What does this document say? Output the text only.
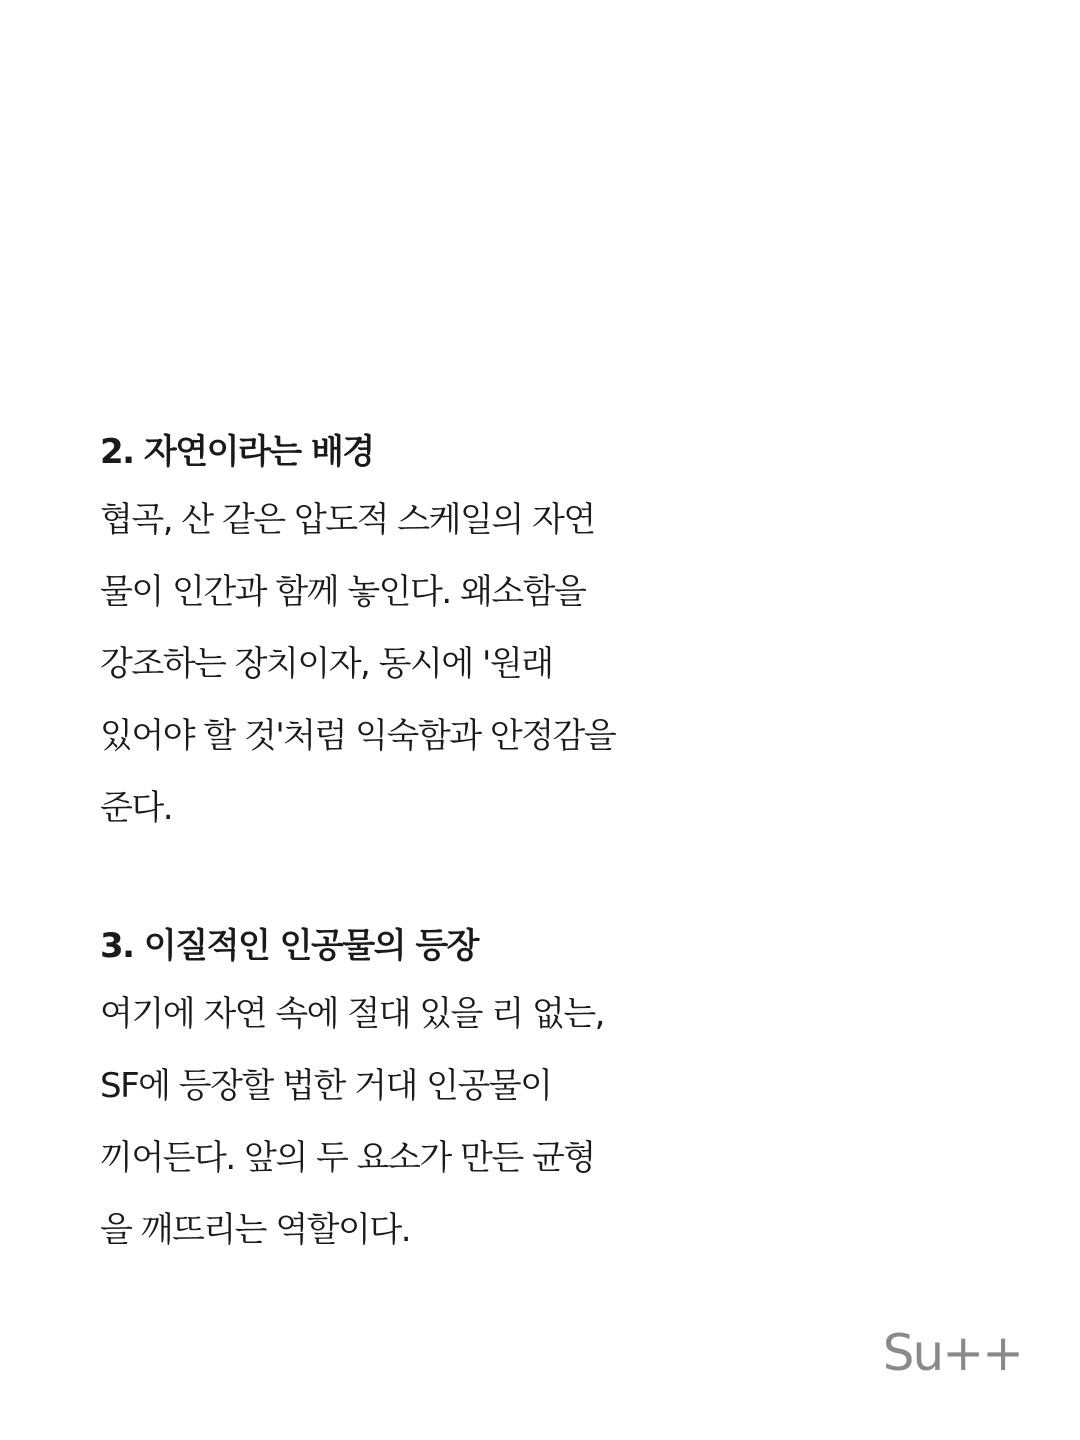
2. 자연이라는 배경

협곡, 산 같은 압도적 스케일의 자연

물이 인간과 함께 놓인다. 왜소함을

강조하는 장치이자, 동시에 '원래

있어야 할 것'처럼 익숙함과 안정감을

준다.

3. 이질적인 인공물의 등장

여기에 자연 속에 절대 있을 리 없는,

SF에 등장할 법한 거대 인공물이

끼어든다. 앞의 두 요소가 만든 균형

을 깨뜨리는 역할이다.

Su++
